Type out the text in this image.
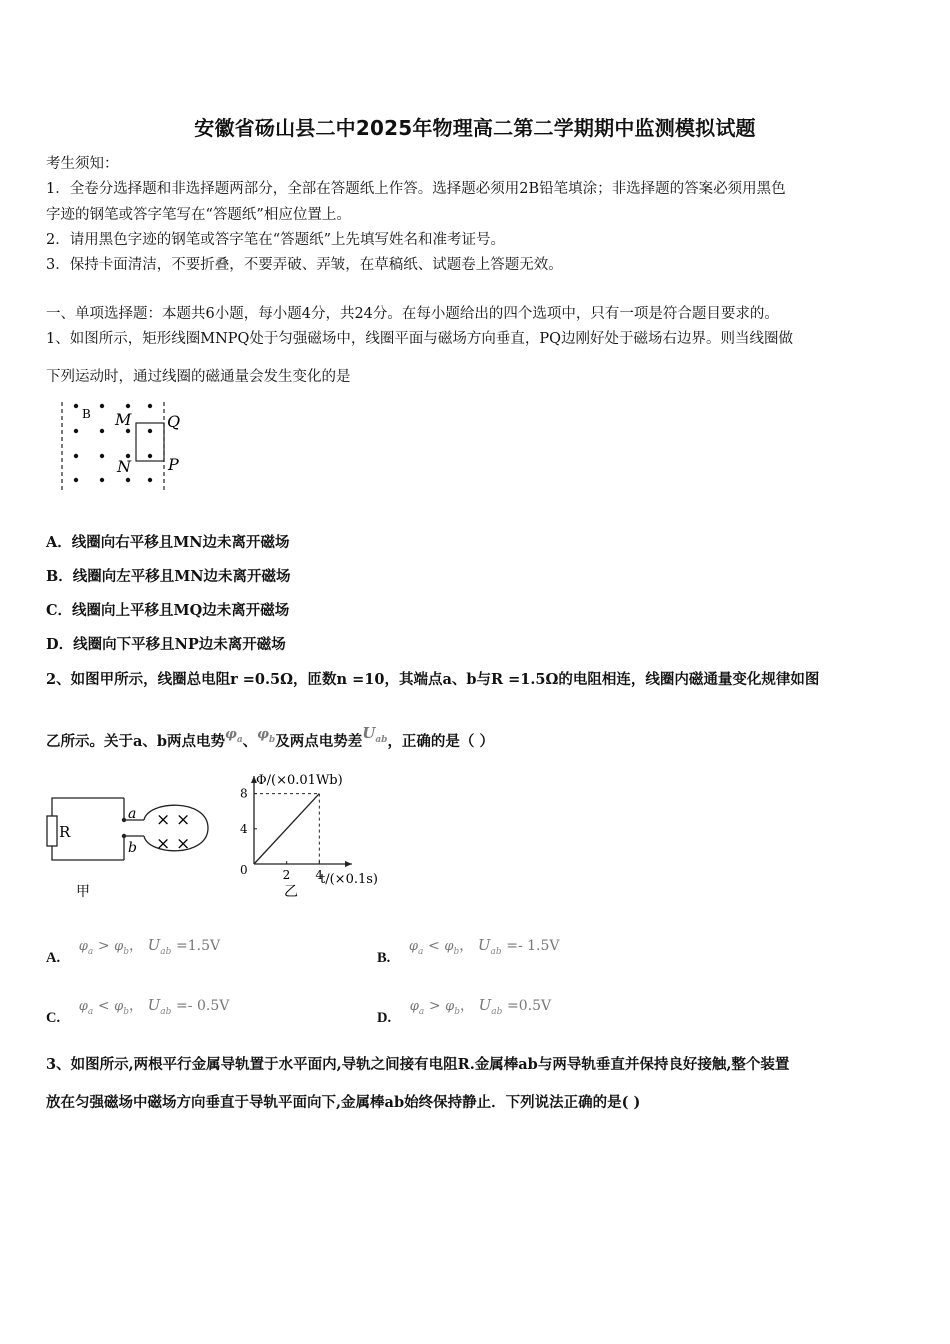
安徽省砀山县二中2025年物理高二第二学期期中监测模拟试题
考生须知：
1．全卷分选择题和非选择题两部分，全部在答题纸上作答。选择题必须用2B铅笔填涂；非选择题的答案必须用黑色
字迹的钢笔或答字笔写在“答题纸”相应位置上。
2．请用黑色字迹的钢笔或答字笔在“答题纸”上先填写姓名和准考证号。
3．保持卡面清洁，不要折叠，不要弄破、弄皱，在草稿纸、试题卷上答题无效。
一、单项选择题：本题共6小题，每小题4分，共24分。在每小题给出的四个选项中，只有一项是符合题目要求的。
1、如图所示，矩形线圈MNPQ处于匀强磁场中，线圈平面与磁场方向垂直，PQ边刚好处于磁场右边界。则当线圈做
下列运动时，通过线圈的磁通量会发生变化的是
B M Q
N P
A．线圈向右平移且MN边未离开磁场
B．线圈向左平移且MN边未离开磁场
C．线圈向上平移且MQ边未离开磁场
D．线圈向下平移且NP边未离开磁场
2、如图甲所示，线圈总电阻r =0.5Ω，匝数n =10，其端点a、b与R =1.5Ω的电阻相连，线圈内磁通量变化规律如图
乙所示。关于a、b两点电势$\varphi_a$、$\varphi_b$及两点电势差$U_{ab}$，正确的是（ ）
R
a
b
× ×
× ×
甲
Φ/(×0.01Wb)
t/(×0.1s)
0
乙
2 4
4
8
A. $\varphi_a > \varphi_b$， $U_{ab} =1.5V$
B. $\varphi_a < \varphi_b$， $U_{ab} =- 1.5V$
C. $\varphi_a < \varphi_b$， $U_{ab} =- 0.5V$
D. $\varphi_a > \varphi_b$， $U_{ab} =0.5V$
3、如图所示,两根平行金属导轨置于水平面内,导轨之间接有电阻R.金属棒ab与两导轨垂直并保持良好接触,整个装置
放在匀强磁场中磁场方向垂直于导轨平面向下,金属棒ab始终保持静止．下列说法正确的是( )
